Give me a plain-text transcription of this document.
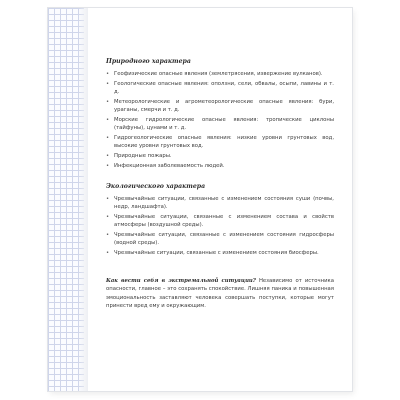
Природного характера
• Геофизические опасные явления (землетрясения, извержение вулканов).
• Геологические опасные явления: оползни, сели, обвалы, осыпи, лавины и т. д.
• Метеорологические и агрометеорологические опасные явления: бури, ураганы, смерчи и т. д.
• Морские гидрологические опасные явления: тропические циклоны (тайфуны), цунами и т. д.
• Гидрогеологические опасные явления: низкие уровни грунтовых вод, высокие уровни грунтовых вод.
• Природные пожары.
• Инфекционная заболеваемость людей.
Экологического характера
• Чрезвычайные ситуации, связанные с изменением состояния суши (почвы, недр, ландшафта).
• Чрезвычайные ситуации, связанные с изменением состава и свойств атмосферы (воздушной среды).
• Чрезвычайные ситуации, связанные с изменением состояния гидросферы (водной среды).
• Чрезвычайные ситуации, связанные с изменением состояния биосферы.

Как вести себя в экстремальной ситуации? Независимо от источника опасности, главное – это сохранять спокойствие. Лишняя паника и повышенная эмоциональность заставляют человека совершать поступки, которые могут принести вред ему и окружающим.
